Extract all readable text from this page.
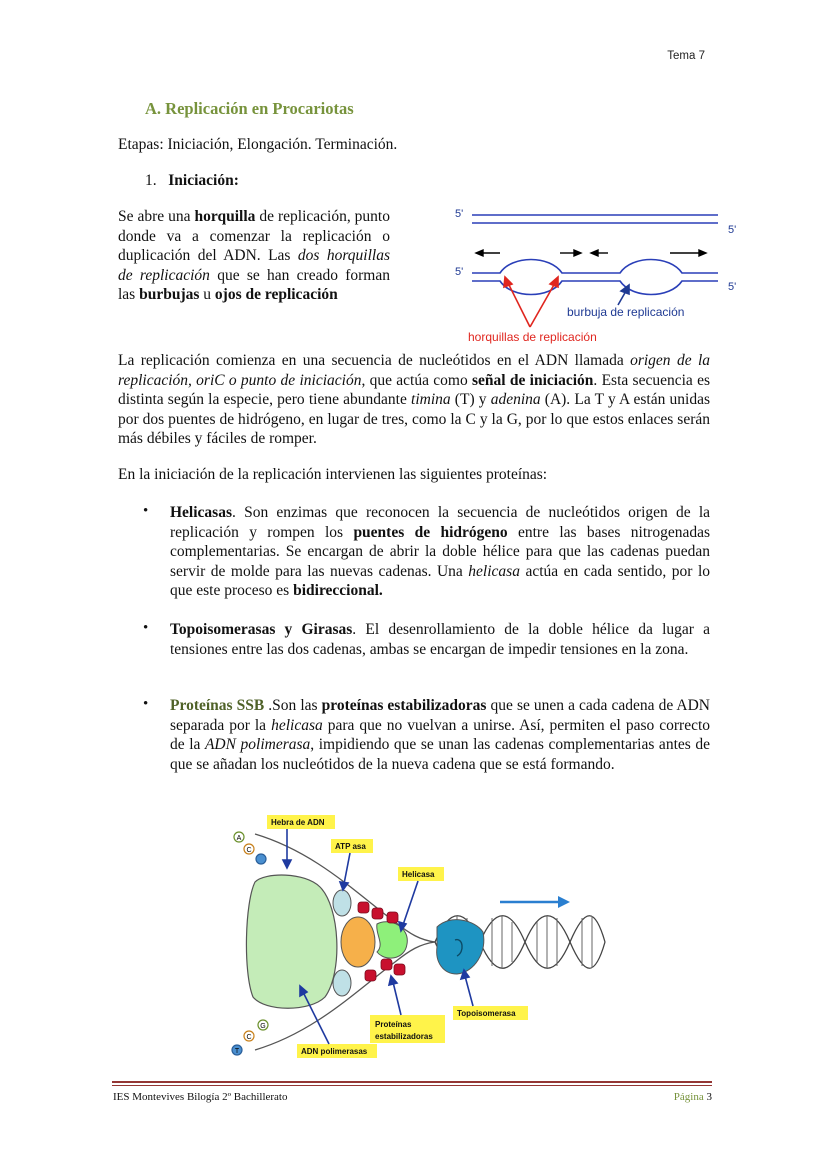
Tema 7
A. Replicación en Procariotas
Etapas: Iniciación, Elongación. Terminación.
1. Iniciación:
Se abre una horquilla de replicación, punto donde va a comenzar la replicación o duplicación del ADN. Las dos horquillas de replicación que se han creado forman las burbujas u ojos de replicación
5'
5'
5'
5'
burbuja de replicación
horquillas de replicación
La replicación comienza en una secuencia de nucleótidos en el ADN llamada origen de la replicación, oriC o punto de iniciación, que actúa como señal de iniciación. Esta secuencia es distinta según la especie, pero tiene abundante timina (T) y adenina (A). La T y A están unidas por dos puentes de hidrógeno, en lugar de tres, como la C y la G, por lo que estos enlaces serán más débiles y fáciles de romper.
En la iniciación de la replicación intervienen las siguientes proteínas:
• Helicasas. Son enzimas que reconocen la secuencia de nucleótidos origen de la replicación y rompen los puentes de hidrógeno entre las bases nitrogenadas complementarias. Se encargan de abrir la doble hélice para que las cadenas puedan servir de molde para las nuevas cadenas. Una helicasa actúa en cada sentido, por lo que este proceso es bidireccional.
• Topoisomerasas y Girasas. El desenrollamiento de la doble hélice da lugar a tensiones entre las dos cadenas, ambas se encargan de impedir tensiones en la zona.
• Proteínas SSB .Son las proteínas estabilizadoras que se unen a cada cadena de ADN separada por la helicasa para que no vuelvan a unirse. Así, permiten el paso correcto de la ADN polimerasa, impidiendo que se unan las cadenas complementarias antes de que se añadan los nucleótidos de la nueva cadena que se está formando.
A
C
G
C
T
Hebra de ADN
ATP asa
Helicasa
Topoisomerasa
Proteínas
estabilizadoras
ADN polimerasas
IES Montevives Bilogía 2º Bachillerato	Página 3
